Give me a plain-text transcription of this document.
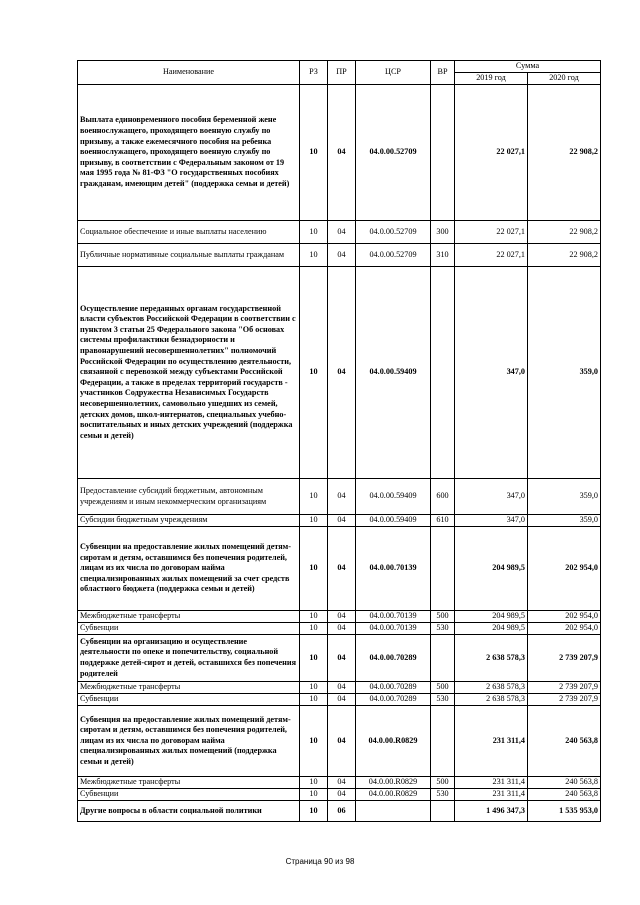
Наименование	РЗ	ПР	ЦСР	ВР	Сумма	
					2019 год	2020 год
Выплата единовременного пособия беременной жене военнослужащего, проходящего военную службу по призыву, а также ежемесячного пособия на ребенка военнослужащего, проходящего военную службу по призыву, в соответствии с Федеральным законом от 19 мая 1995 года № 81-ФЗ "О государственных пособиях гражданам, имеющим детей" (поддержка семьи и детей)	10	04	04.0.00.52709		22 027,1	22 908,2
Социальное обеспечение и иные выплаты населению	10	04	04.0.00.52709	300	22 027,1	22 908,2
Публичные нормативные социальные выплаты гражданам	10	04	04.0.00.52709	310	22 027,1	22 908,2
Осуществление переданных органам государственной власти субъектов Российской Федерации в соответствии с пунктом 3 статьи 25 Федерального закона "Об основах системы профилактики безнадзорности и правонарушений несовершеннолетних" полномочий Российской Федерации по осуществлению деятельности, связанной с перевозкой между субъектами Российской Федерации, а также в пределах территорий государств - участников Содружества Независимых Государств несовершеннолетних, самовольно ушедших из семей, детских домов, школ-интернатов, специальных учебно-воспитательных и иных детских учреждений (поддержка семьи и детей)	10	04	04.0.00.59409		347,0	359,0
Предоставление субсидий бюджетным, автономным учреждениям и иным некоммерческим организациям	10	04	04.0.00.59409	600	347,0	359,0
Субсидии бюджетным учреждениям	10	04	04.0.00.59409	610	347,0	359,0
Субвенции на предоставление жилых помещений детям-сиротам и детям, оставшимся без попечения родителей, лицам из их числа по договорам найма специализированных жилых помещений за счет средств областного бюджета (поддержка семьи и детей)	10	04	04.0.00.70139		204 989,5	202 954,0
Межбюджетные трансферты	10	04	04.0.00.70139	500	204 989,5	202 954,0
Субвенции	10	04	04.0.00.70139	530	204 989,5	202 954,0
Субвенции на организацию и осуществление деятельности по опеке и попечительству, социальной поддержке детей-сирот и детей, оставшихся без попечения родителей	10	04	04.0.00.70289		2 638 578,3	2 739 207,9
Межбюджетные трансферты	10	04	04.0.00.70289	500	2 638 578,3	2 739 207,9
Субвенции	10	04	04.0.00.70289	530	2 638 578,3	2 739 207,9
Субвенция на предоставление жилых помещений детям-сиротам и детям, оставшимся без попечения родителей, лицам из их числа по договорам найма специализированных жилых помещений (поддержка семьи и детей)	10	04	04.0.00.R0829		231 311,4	240 563,8
Межбюджетные трансферты	10	04	04.0.00.R0829	500	231 311,4	240 563,8
Субвенции	10	04	04.0.00.R0829	530	231 311,4	240 563,8
Другие вопросы в области социальной политики	10	06			1 496 347,3	1 535 953,0
Страница 90 из 98
